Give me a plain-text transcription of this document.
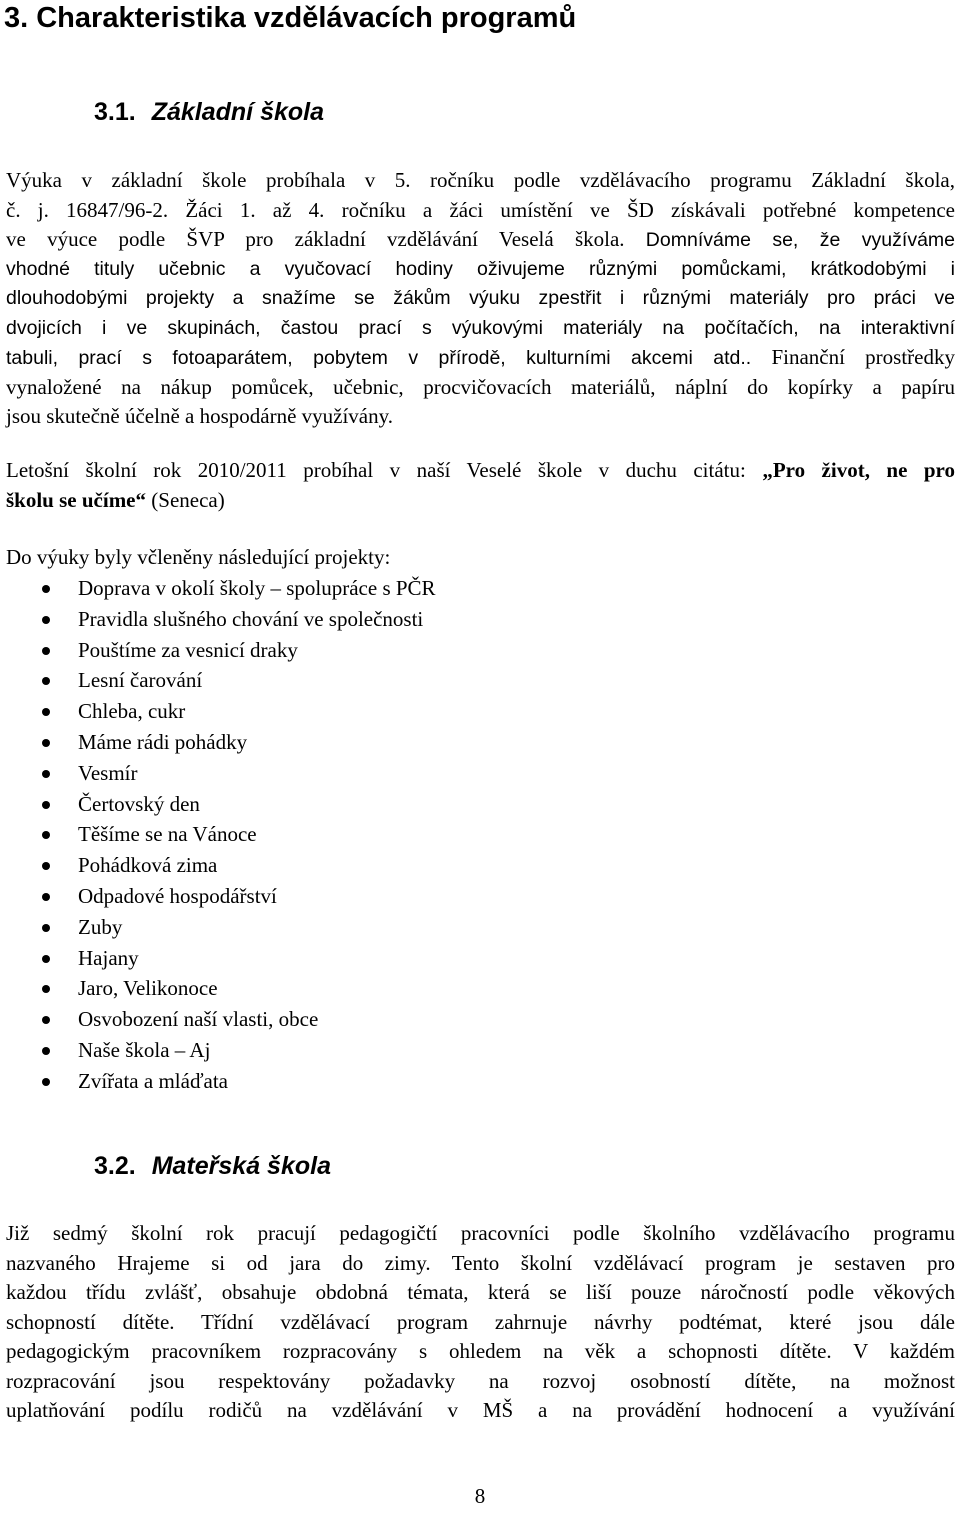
3. Charakteristika vzdělávacích programů
3.1. Základní škola
Výuka v základní škole probíhala v 5. ročníku podle vzdělávacího programu Základní škola,
č. j. 16847/96-2. Žáci 1. až 4. ročníku a žáci umístění ve ŠD získávali potřebné kompetence
ve výuce podle ŠVP pro základní vzdělávání Veselá škola. Domníváme se, že využíváme
vhodné tituly učebnic a vyučovací hodiny oživujeme různými pomůckami, krátkodobými i
dlouhodobými projekty a snažíme se žákům výuku zpestřit i různými materiály pro práci ve
dvojicích i ve skupinách, častou prací s výukovými materiály na počítačích, na interaktivní
tabuli, prací s fotoaparátem, pobytem v přírodě, kulturními akcemi atd.. Finanční prostředky
vynaložené na nákup pomůcek, učebnic, procvičovacích materiálů, náplní do kopírky a papíru
jsou skutečně účelně a hospodárně využívány.
Letošní školní rok 2010/2011 probíhal v naší Veselé škole v duchu citátu: „Pro život, ne pro
školu se učíme“ (Seneca)
Do výuky byly včleněny následující projekty:
Doprava v okolí školy – spolupráce s PČR
Pravidla slušného chování ve společnosti
Pouštíme za vesnicí draky
Lesní čarování
Chleba, cukr
Máme rádi pohádky
Vesmír
Čertovský den
Těšíme se na Vánoce
Pohádková zima
Odpadové hospodářství
Zuby
Hajany
Jaro, Velikonoce
Osvobození naší vlasti, obce
Naše škola – Aj
Zvířata a mláďata
3.2. Mateřská škola
Již sedmý školní rok pracují pedagogičtí pracovníci podle školního vzdělávacího programu
nazvaného Hrajeme si od jara do zimy. Tento školní vzdělávací program je sestaven pro
každou třídu zvlášť, obsahuje obdobná témata, která se liší pouze náročností podle věkových
schopností dítěte. Třídní vzdělávací program zahrnuje návrhy podtémat, které jsou dále
pedagogickým pracovníkem rozpracovány s ohledem na věk a schopnosti dítěte. V každém
rozpracování jsou respektovány požadavky na rozvoj osobností dítěte, na možnost
uplatňování podílu rodičů na vzdělávání v MŠ a na provádění hodnocení a využívání
8
